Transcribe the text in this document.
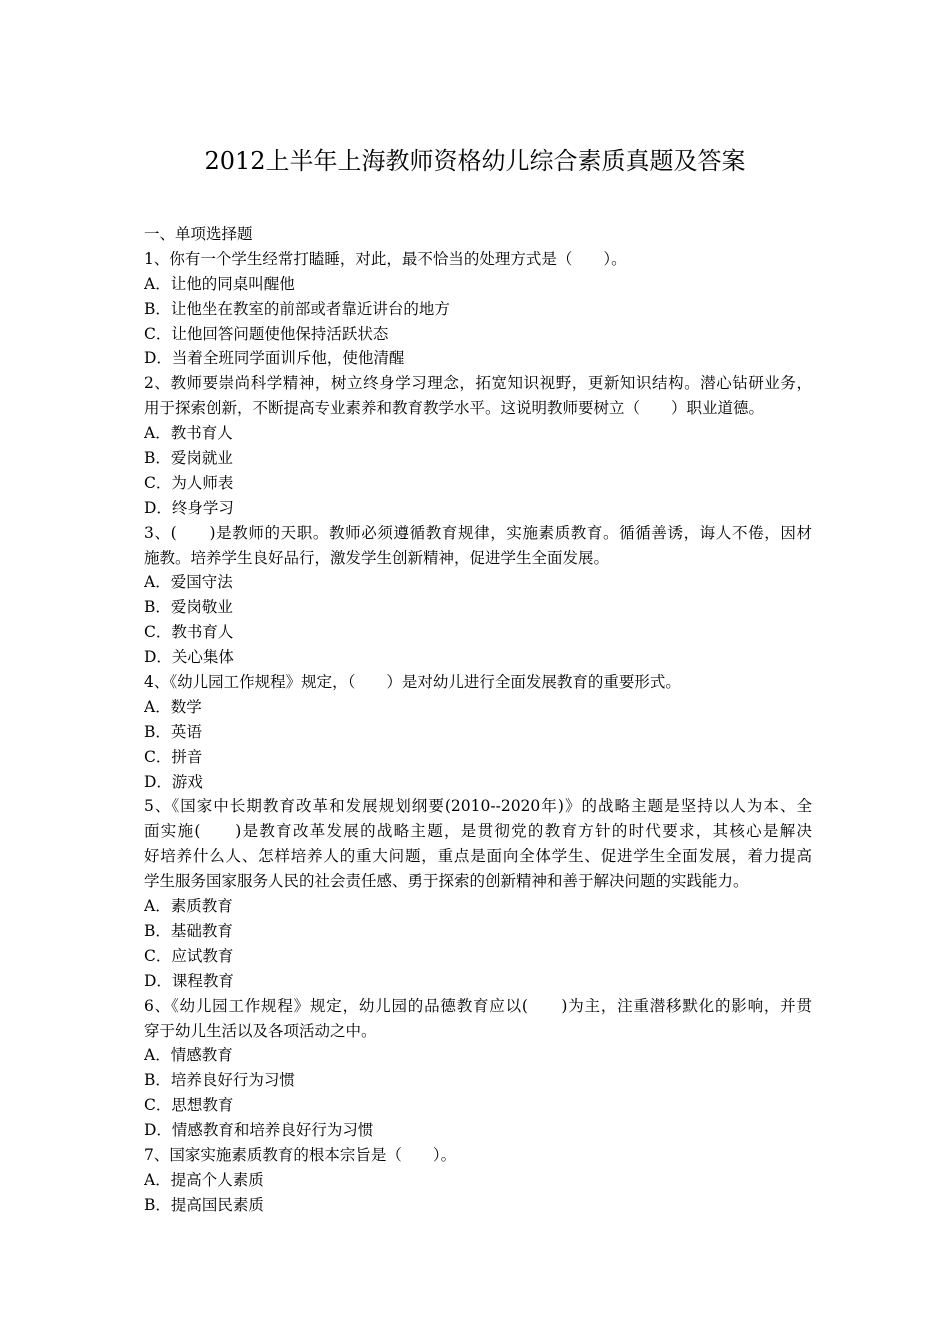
2012上半年上海教师资格幼儿综合素质真题及答案
一、单项选择题
1、你有一个学生经常打瞌睡，对此，最不恰当的处理方式是（　　）。
A．让他的同桌叫醒他
B．让他坐在教室的前部或者靠近讲台的地方
C．让他回答问题使他保持活跃状态
D．当着全班同学面训斥他，使他清醒
2、教师要崇尚科学精神，树立终身学习理念，拓宽知识视野，更新知识结构。潜心钻研业务，
用于探索创新，不断提高专业素养和教育教学水平。这说明教师要树立（　　）职业道德。
A．教书育人
B．爱岗就业
C．为人师表
D．终身学习
3、(　　)是教师的天职。教师必须遵循教育规律，实施素质教育。循循善诱，诲人不倦，因材
施教。培养学生良好品行，激发学生创新精神，促进学生全面发展。
A．爱国守法
B．爱岗敬业
C．教书育人
D．关心集体
4、《幼儿园工作规程》规定，（　　）是对幼儿进行全面发展教育的重要形式。
A．数学
B．英语
C．拼音
D．游戏
5、《国家中长期教育改革和发展规划纲要(2010--2020年)》的战略主题是坚持以人为本、全
面实施(　　)是教育改革发展的战略主题，是贯彻党的教育方针的时代要求，其核心是解决
好培养什么人、怎样培养人的重大问题，重点是面向全体学生、促进学生全面发展，着力提高
学生服务国家服务人民的社会责任感、勇于探索的创新精神和善于解决问题的实践能力。
A．素质教育
B．基础教育
C．应试教育
D．课程教育
6、《幼儿园工作规程》规定，幼儿园的品德教育应以(　　)为主，注重潜移默化的影响，并贯
穿于幼儿生活以及各项活动之中。
A．情感教育
B．培养良好行为习惯
C．思想教育
D．情感教育和培养良好行为习惯
7、国家实施素质教育的根本宗旨是（　　）。
A．提高个人素质
B．提高国民素质
